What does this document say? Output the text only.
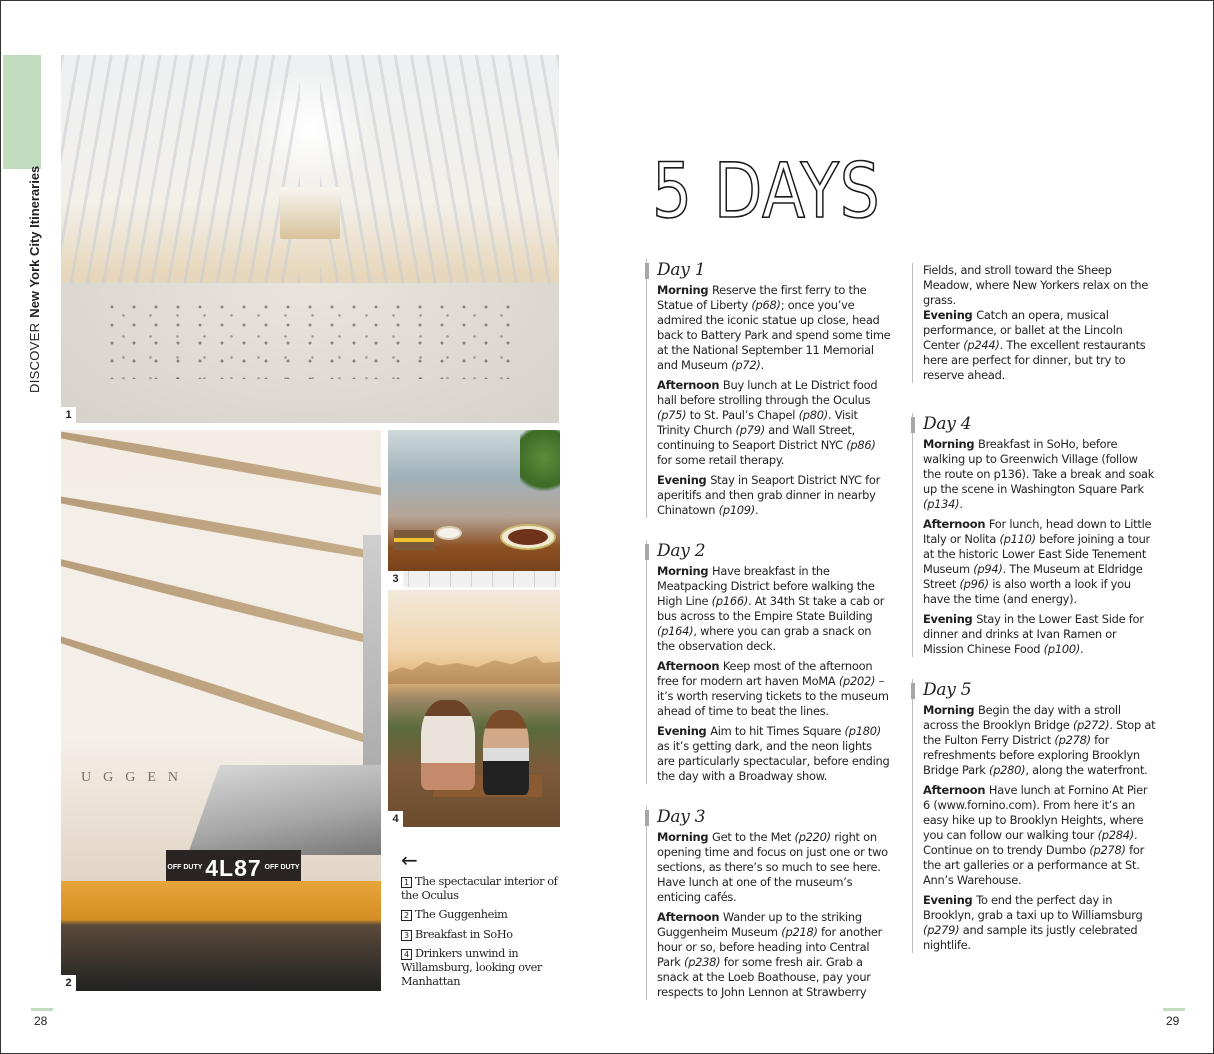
DISCOVERNew York City Itineraries
1
UGGEN
OFF DUTY 4L87 OFF DUTY
2
3
4
←
1 The spectacular interior of the Oculus
2 The Guggenheim
3 Breakfast in SoHo
4 Drinkers unwind in Willamsburg, looking over Manhattan
28
5 DAYS
Day 1
Morning Reserve the first ferry to the Statue of Liberty (p68); once you’ve admired the iconic statue up close, head back to Battery Park and spend some time at the National September 11 Memorial and Museum (p72).
Afternoon Buy lunch at Le District food hall before strolling through the Oculus (p75) to St. Paul’s Chapel (p80). Visit Trinity Church (p79) and Wall Street, continuing to Seaport District NYC (p86) for some retail therapy.
Evening Stay in Seaport District NYC for aperitifs and then grab dinner in nearby Chinatown (p109).
Day 2
Morning Have breakfast in the Meatpacking District before walking the High Line (p166). At 34th St take a cab or bus across to the Empire State Building (p164), where you can grab a snack on the observation deck.
Afternoon Keep most of the afternoon free for modern art haven MoMA (p202) – it’s worth reserving tickets to the museum ahead of time to beat the lines.
Evening Aim to hit Times Square (p180) as it’s getting dark, and the neon lights are particularly spectacular, before ending the day with a Broadway show.
Day 3
Morning Get to the Met (p220) right on opening time and focus on just one or two sections, as there’s so much to see here. Have lunch at one of the museum’s enticing cafés.
Afternoon Wander up to the striking Guggenheim Museum (p218) for another hour or so, before heading into Central Park (p238) for some fresh air. Grab a snack at the Loeb Boathouse, pay your respects to John Lennon at Strawberry
Fields, and stroll toward the Sheep Meadow, where New Yorkers relax on the grass.
Evening Catch an opera, musical performance, or ballet at the Lincoln Center (p244). The excellent restaurants here are perfect for dinner, but try to reserve ahead.
Day 4
Morning Breakfast in SoHo, before walking up to Greenwich Village (follow the route on p136). Take a break and soak up the scene in Washington Square Park (p134).
Afternoon For lunch, head down to Little Italy or Nolita (p110) before joining a tour at the historic Lower East Side Tenement Museum (p94). The Museum at Eldridge Street (p96) is also worth a look if you have the time (and energy).
Evening Stay in the Lower East Side for dinner and drinks at Ivan Ramen or Mission Chinese Food (p100).
Day 5
Morning Begin the day with a stroll across the Brooklyn Bridge (p272). Stop at the Fulton Ferry District (p278) for refreshments before exploring Brooklyn Bridge Park (p280), along the waterfront.
Afternoon Have lunch at Fornino At Pier 6 (www.fornino.com). From here it’s an easy hike up to Brooklyn Heights, where you can follow our walking tour (p284). Continue on to trendy Dumbo (p278) for the art galleries or a performance at St. Ann’s Warehouse.
Evening To end the perfect day in Brooklyn, grab a taxi up to Williamsburg (p279) and sample its justly celebrated nightlife.
29
